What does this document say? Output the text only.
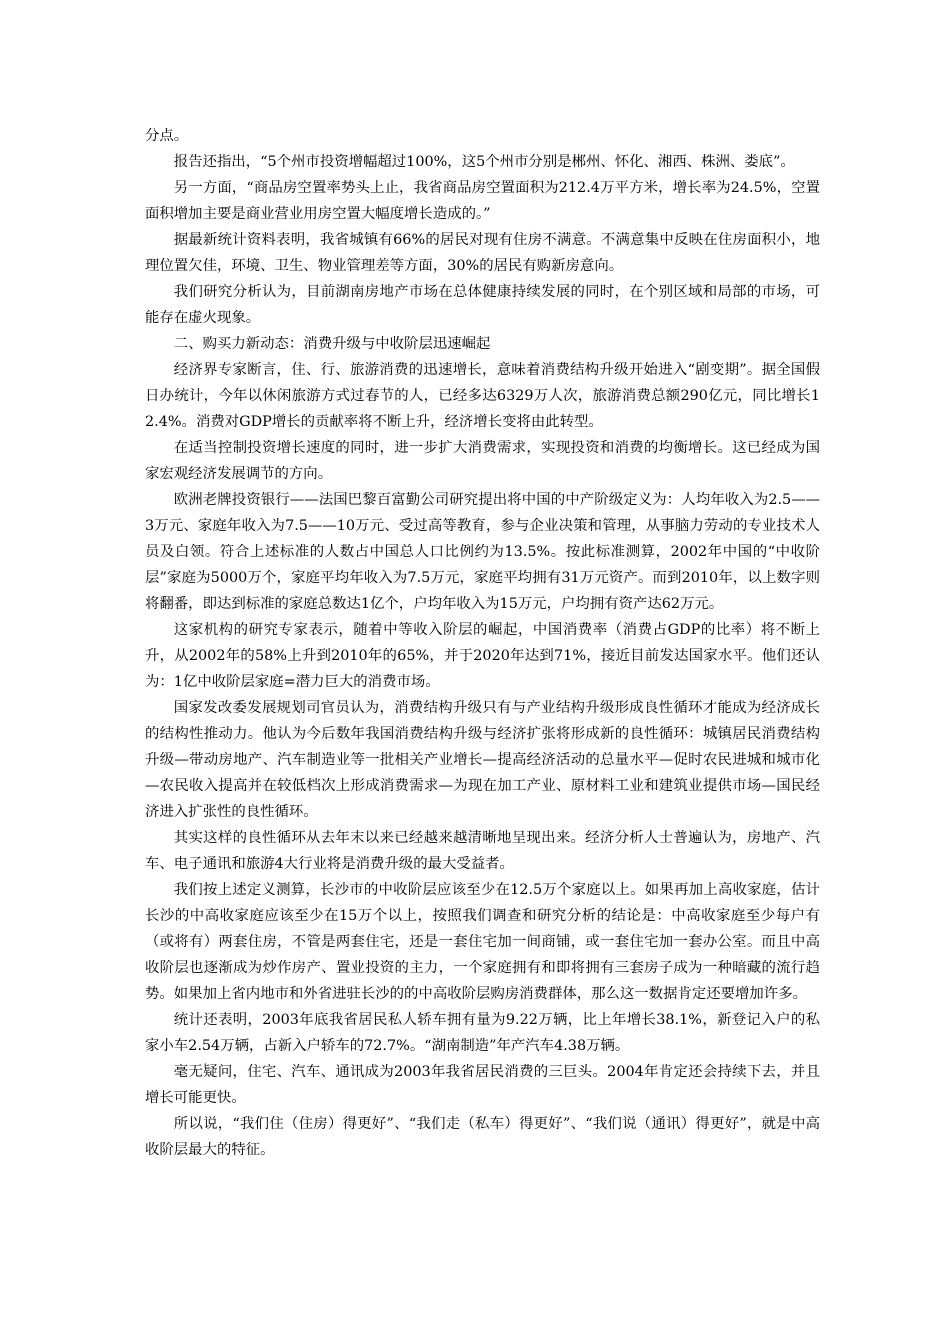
分点。

报告还指出，“5个州市投资增幅超过100%，这5个州市分别是郴州、怀化、湘西、株洲、娄底”。

另一方面，“商品房空置率势头上止，我省商品房空置面积为212.4万平方米，增长率为24.5%，空置面积增加主要是商业营业用房空置大幅度增长造成的。”

据最新统计资料表明，我省城镇有66%的居民对现有住房不满意。不满意集中反映在住房面积小，地理位置欠佳，环境、卫生、物业管理差等方面，30%的居民有购新房意向。

我们研究分析认为，目前湖南房地产市场在总体健康持续发展的同时，在个别区域和局部的市场，可能存在虚火现象。

二、购买力新动态：消费升级与中收阶层迅速崛起

经济界专家断言，住、行、旅游消费的迅速增长，意味着消费结构升级开始进入“剧变期”。据全国假日办统计，今年以休闲旅游方式过春节的人，已经多达6329万人次，旅游消费总额290亿元，同比增长12.4%。消费对GDP增长的贡献率将不断上升，经济增长变将由此转型。

在适当控制投资增长速度的同时，进一步扩大消费需求，实现投资和消费的均衡增长。这已经成为国家宏观经济发展调节的方向。

欧洲老牌投资银行——法国巴黎百富勤公司研究提出将中国的中产阶级定义为：人均年收入为2.5——3万元、家庭年收入为7.5——10万元、受过高等教育，参与企业决策和管理，从事脑力劳动的专业技术人员及白领。符合上述标准的人数占中国总人口比例约为13.5%。按此标准测算，2002年中国的“中收阶层”家庭为5000万个，家庭平均年收入为7.5万元，家庭平均拥有31万元资产。而到2010年，以上数字则将翻番，即达到标准的家庭总数达1亿个，户均年收入为15万元，户均拥有资产达62万元。

这家机构的研究专家表示，随着中等收入阶层的崛起，中国消费率（消费占GDP的比率）将不断上升，从2002年的58%上升到2010年的65%，并于2020年达到71%，接近目前发达国家水平。他们还认为：1亿中收阶层家庭=潜力巨大的消费市场。

国家发改委发展规划司官员认为，消费结构升级只有与产业结构升级形成良性循环才能成为经济成长的结构性推动力。他认为今后数年我国消费结构升级与经济扩张将形成新的良性循环：城镇居民消费结构升级—带动房地产、汽车制造业等一批相关产业增长—提高经济活动的总量水平—促时农民进城和城市化—农民收入提高并在较低档次上形成消费需求—为现在加工产业、原材料工业和建筑业提供市场—国民经济进入扩张性的良性循环。

其实这样的良性循环从去年末以来已经越来越清晰地呈现出来。经济分析人士普遍认为，房地产、汽车、电子通讯和旅游4大行业将是消费升级的最大受益者。

我们按上述定义测算，长沙市的中收阶层应该至少在12.5万个家庭以上。如果再加上高收家庭，估计长沙的中高收家庭应该至少在15万个以上，按照我们调查和研究分析的结论是：中高收家庭至少每户有（或将有）两套住房，不管是两套住宅，还是一套住宅加一间商铺，或一套住宅加一套办公室。而且中高收阶层也逐渐成为炒作房产、置业投资的主力，一个家庭拥有和即将拥有三套房子成为一种暗藏的流行趋势。如果加上省内地市和外省进驻长沙的的中高收阶层购房消费群体，那么这一数据肯定还要增加许多。

统计还表明，2003年底我省居民私人轿车拥有量为9.22万辆，比上年增长38.1%，新登记入户的私家小车2.54万辆，占新入户轿车的72.7%。“湖南制造”年产汽车4.38万辆。

毫无疑问，住宅、汽车、通讯成为2003年我省居民消费的三巨头。2004年肯定还会持续下去，并且增长可能更快。

所以说，“我们住（住房）得更好”、“我们走（私车）得更好”、“我们说（通讯）得更好”，就是中高收阶层最大的特征。
